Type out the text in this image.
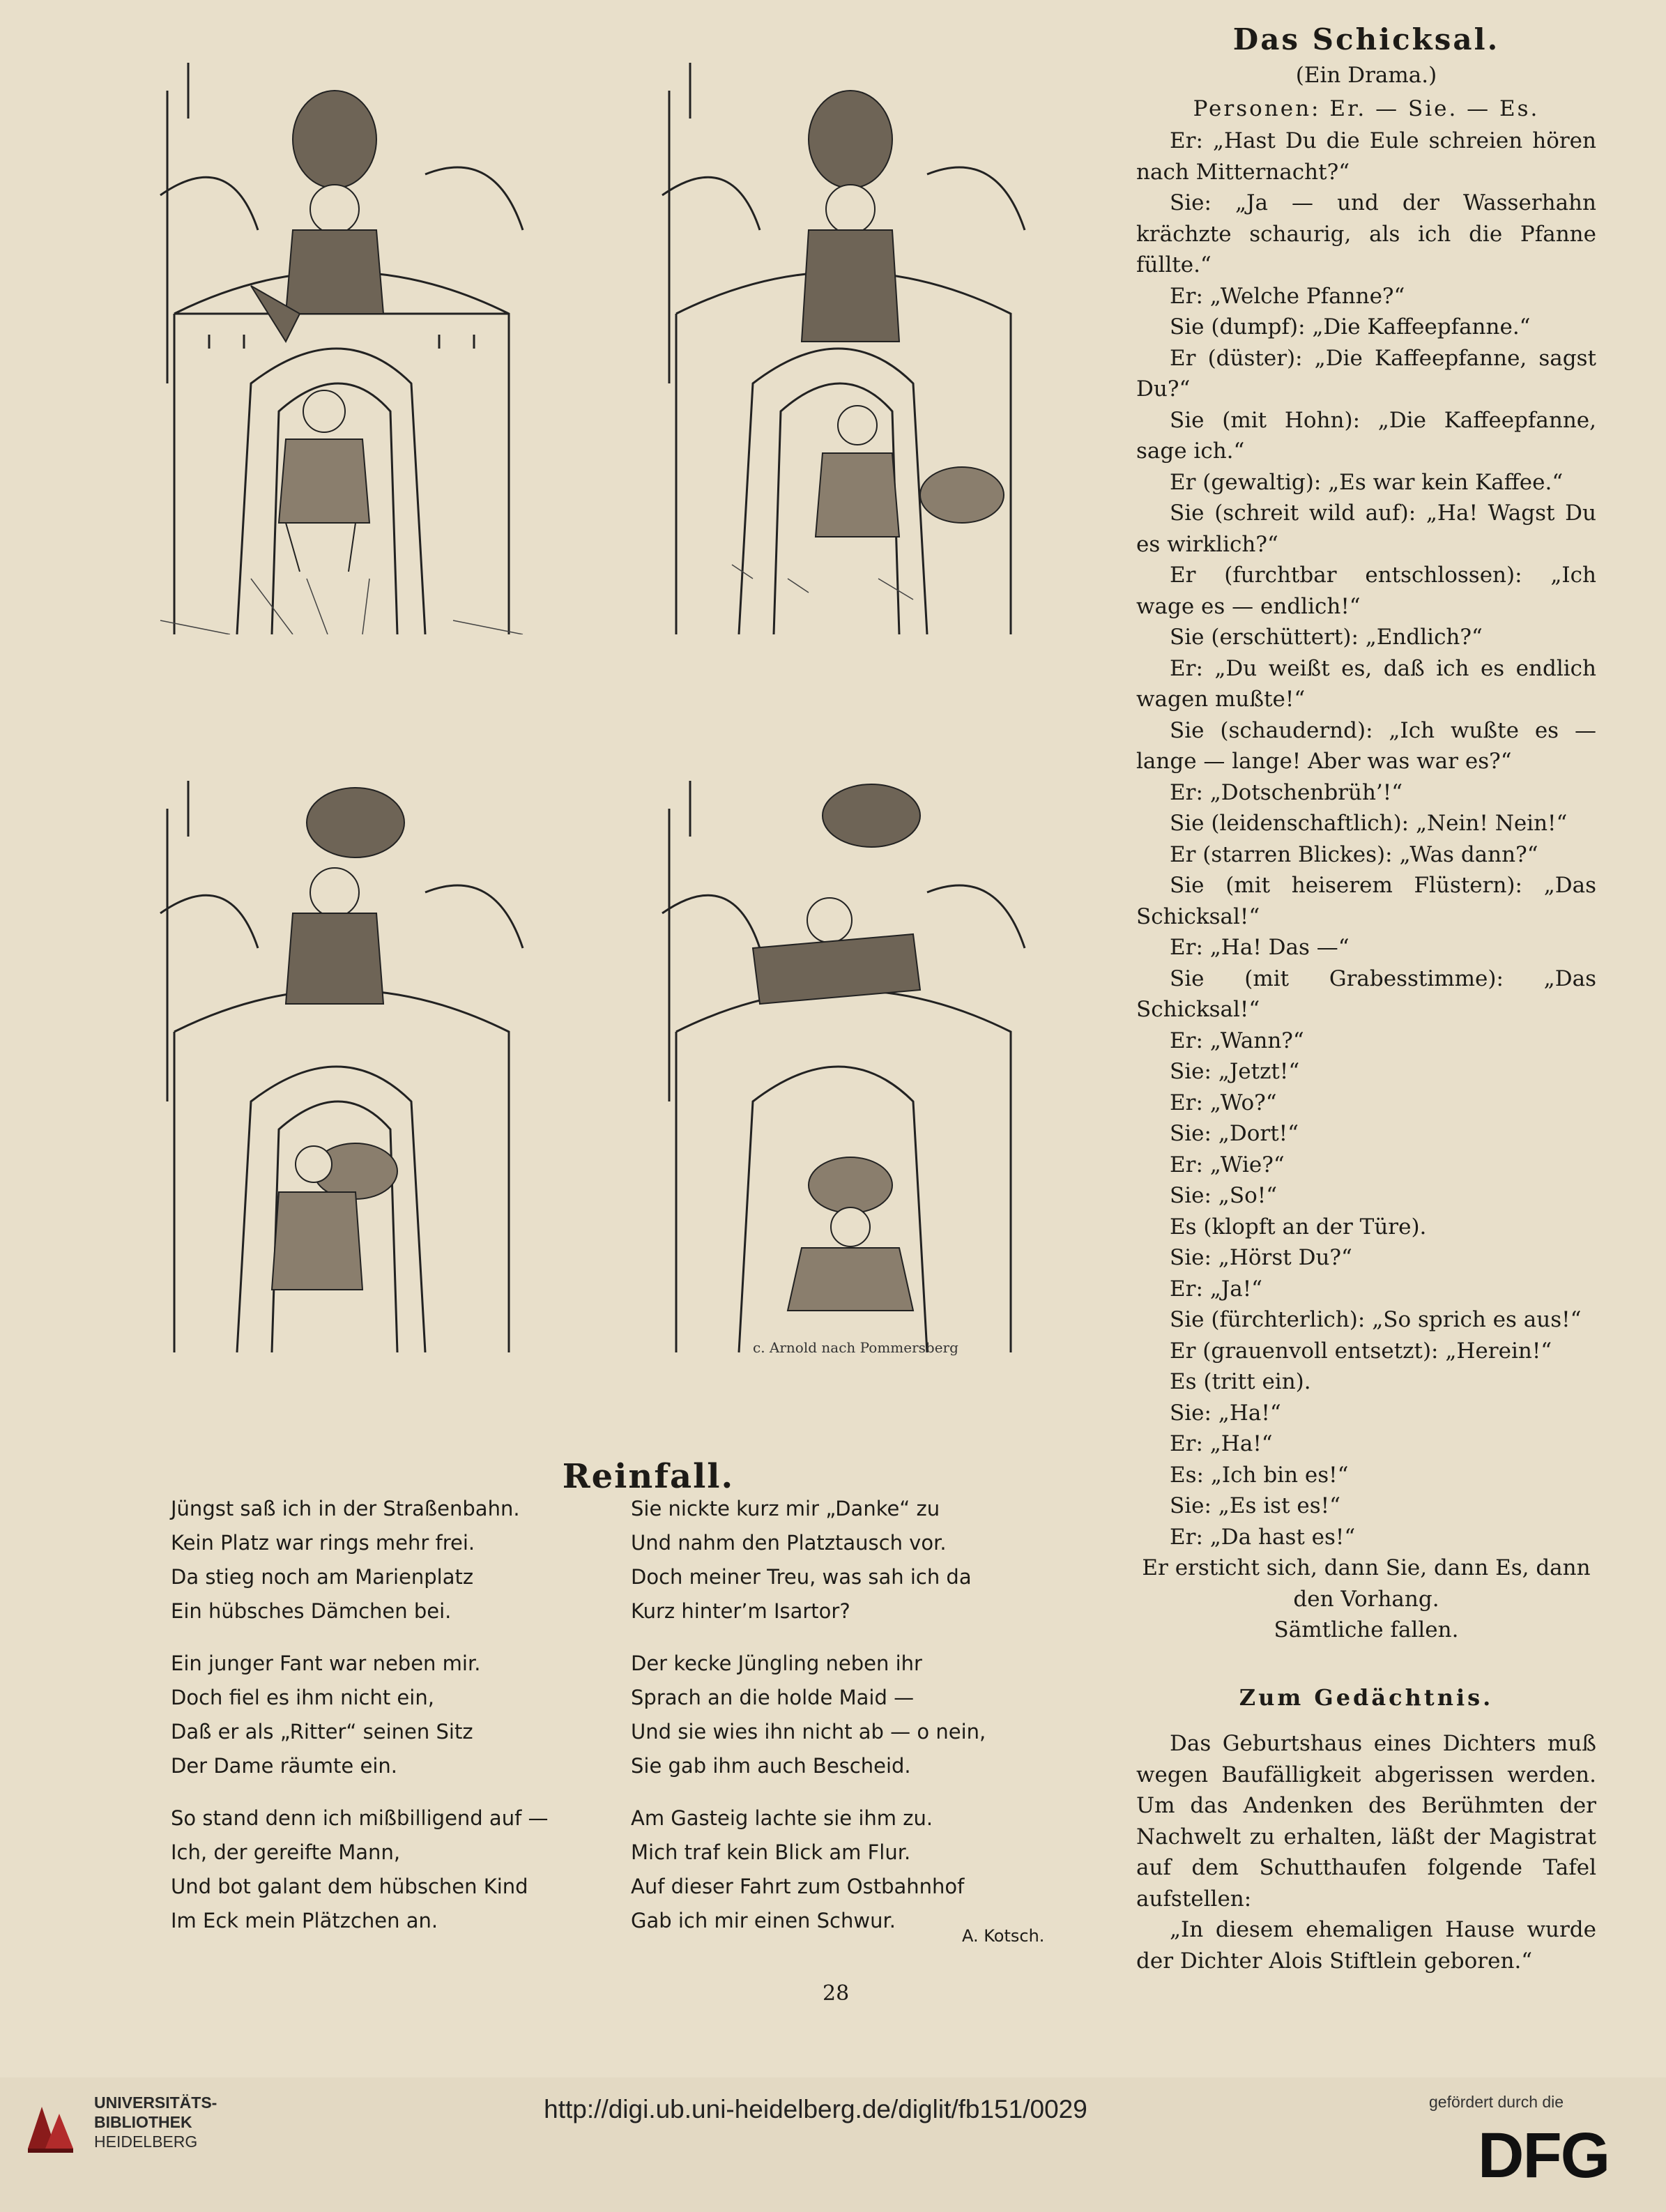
c. Arnold nach Pommersberg
Das Schicksal.
(Ein Drama.)
Personen: Er. — Sie. — Es.

Er: „Hast Du die Eule schreien hören nach Mitternacht?“

Sie: „Ja — und der Wasserhahn krächzte schaurig, als ich die Pfanne füllte.“

Er: „Welche Pfanne?“

Sie (dumpf): „Die Kaffeepfanne.“

Er (düster): „Die Kaffeepfanne, sagst Du?“

Sie (mit Hohn): „Die Kaffeepfanne, sage ich.“

Er (gewaltig): „Es war kein Kaffee.“

Sie (schreit wild auf): „Ha! Wagst Du es wirklich?“

Er (furchtbar entschlossen): „Ich wage es — endlich!“

Sie (erschüttert): „Endlich?“

Er: „Du weißt es, daß ich es endlich wagen mußte!“

Sie (schaudernd): „Ich wußte es — lange — lange! Aber was war es?“

Er: „Dotschenbrüh’!“

Sie (leidenschaftlich): „Nein! Nein!“

Er (starren Blickes): „Was dann?“

Sie (mit heiserem Flüstern): „Das Schicksal!“

Er: „Ha! Das —“

Sie (mit Grabesstimme): „Das Schicksal!“

Er: „Wann?“

Sie: „Jetzt!“

Er: „Wo?“

Sie: „Dort!“

Er: „Wie?“

Sie: „So!“

Es (klopft an der Türe).

Sie: „Hörst Du?“

Er: „Ja!“

Sie (fürchterlich): „So sprich es aus!“

Er (grauenvoll entsetzt): „Herein!“

Es (tritt ein).

Sie: „Ha!“

Er: „Ha!“

Es: „Ich bin es!“

Sie: „Es ist es!“

Er: „Da hast es!“

Er ersticht sich, dann Sie, dann Es, dann den Vorhang.

Sämtliche fallen.

Zum Gedächtnis.

Das Geburtshaus eines Dichters muß wegen Baufälligkeit abgerissen werden. Um das Andenken des Berühmten der Nachwelt zu erhalten, läßt der Magistrat auf dem Schutthaufen folgende Tafel aufstellen:

„In diesem ehemaligen Hause wurde der Dichter Alois Stiftlein geboren.“

Reinfall.
Jüngst saß ich in der Straßenbahn.
Kein Platz war rings mehr frei.
Da stieg noch am Marienplatz
Ein hübsches Dämchen bei.
Ein junger Fant war neben mir.
Doch fiel es ihm nicht ein,
Daß er als „Ritter“ seinen Sitz
Der Dame räumte ein.
So stand denn ich mißbilligend auf —
Ich, der gereifte Mann,
Und bot galant dem hübschen Kind
Im Eck mein Plätzchen an.
Sie nickte kurz mir „Danke“ zu
Und nahm den Platztausch vor.
Doch meiner Treu, was sah ich da
Kurz hinter’m Isartor?
Der kecke Jüngling neben ihr
Sprach an die holde Maid —
Und sie wies ihn nicht ab — o nein,
Sie gab ihm auch Bescheid.
Am Gasteig lachte sie ihm zu.
Mich traf kein Blick am Flur.
Auf dieser Fahrt zum Ostbahnhof
Gab ich mir einen Schwur.
A. Kotsch.
28
UNIVERSITÄTS-
BIBLIOTHEK
HEIDELBERG
http://digi.ub.uni-heidelberg.de/diglit/fb151/0029	gefördert durch die
DFG
